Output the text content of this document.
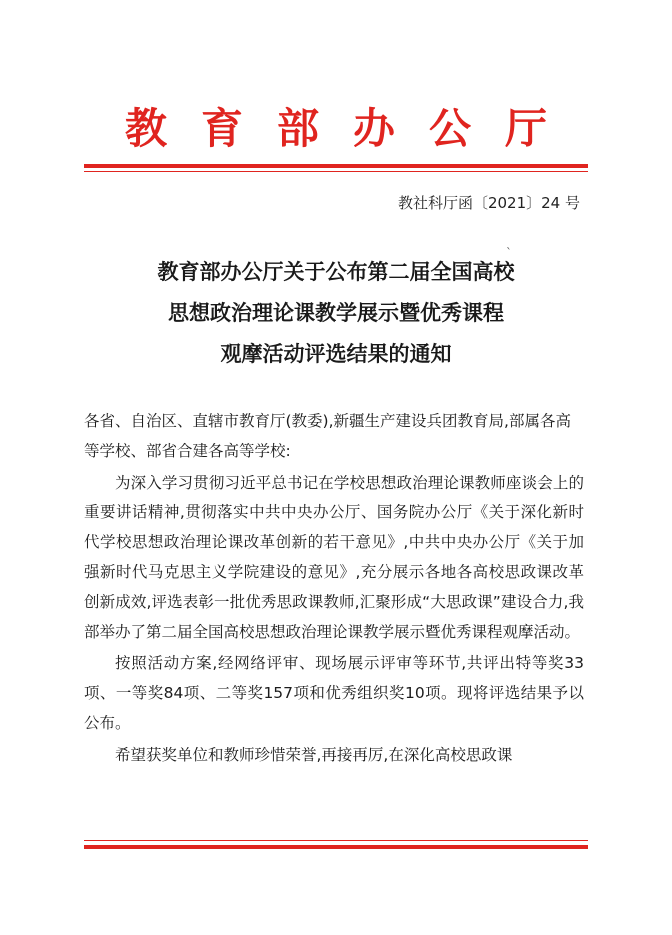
教育部办公厅
教社科厅函〔2021〕24 号
ˋ
教育部办公厅关于公布第二届全国高校
思想政治理论课教学展示暨优秀课程
观摩活动评选结果的通知

各省、自治区、直辖市教育厅(教委),新疆生产建设兵团教育局,部属各高等学校、部省合建各高等学校:

为深入学习贯彻习近平总书记在学校思想政治理论课教师座谈会上的重要讲话精神,贯彻落实中共中央办公厅、国务院办公厅《关于深化新时代学校思想政治理论课改革创新的若干意见》,中共中央办公厅《关于加强新时代马克思主义学院建设的意见》,充分展示各地各高校思政课改革创新成效,评选表彰一批优秀思政课教师,汇聚形成“大思政课”建设合力,我部举办了第二届全国高校思想政治理论课教学展示暨优秀课程观摩活动。

按照活动方案,经网络评审、现场展示评审等环节,共评出特等奖33项、一等奖84项、二等奖157项和优秀组织奖10项。现将评选结果予以公布。

希望获奖单位和教师珍惜荣誉,再接再厉,在深化高校思政课
